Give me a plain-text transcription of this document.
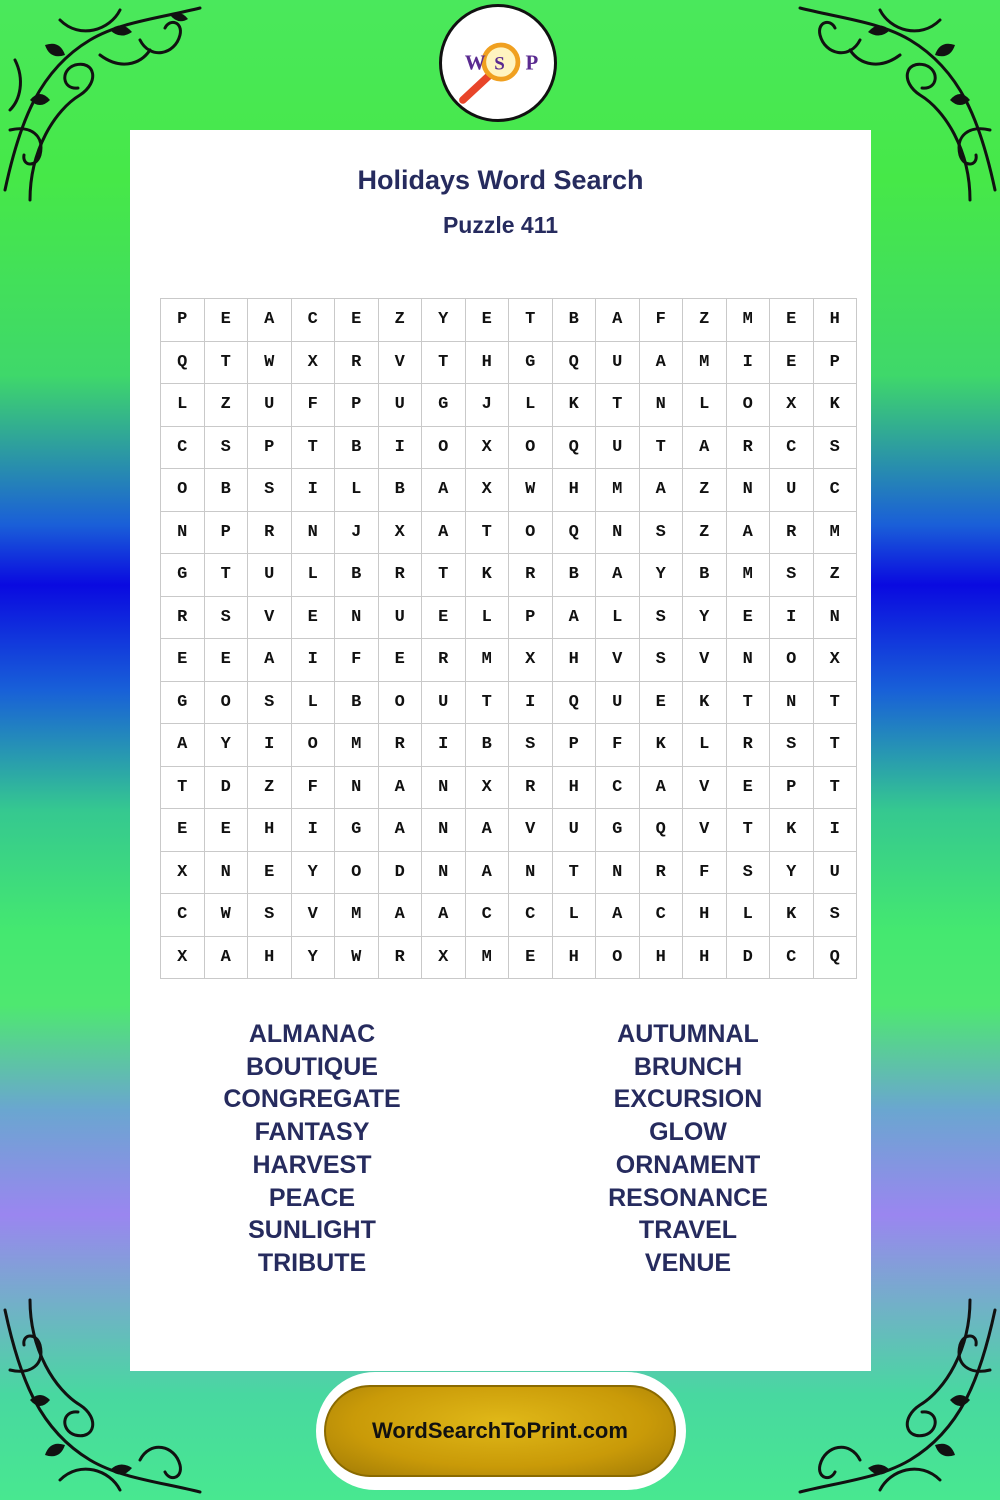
W S P
Holidays Word Search
Puzzle 411
P	E	A	C	E	Z	Y	E	T	B	A	F	Z	M	E	H
Q	T	W	X	R	V	T	H	G	Q	U	A	M	I	E	P
L	Z	U	F	P	U	G	J	L	K	T	N	L	O	X	K
C	S	P	T	B	I	O	X	O	Q	U	T	A	R	C	S
O	B	S	I	L	B	A	X	W	H	M	A	Z	N	U	C
N	P	R	N	J	X	A	T	O	Q	N	S	Z	A	R	M
G	T	U	L	B	R	T	K	R	B	A	Y	B	M	S	Z
R	S	V	E	N	U	E	L	P	A	L	S	Y	E	I	N
E	E	A	I	F	E	R	M	X	H	V	S	V	N	O	X
G	O	S	L	B	O	U	T	I	Q	U	E	K	T	N	T
A	Y	I	O	M	R	I	B	S	P	F	K	L	R	S	T
T	D	Z	F	N	A	N	X	R	H	C	A	V	E	P	T
E	E	H	I	G	A	N	A	V	U	G	Q	V	T	K	I
X	N	E	Y	O	D	N	A	N	T	N	R	F	S	Y	U
C	W	S	V	M	A	A	C	C	L	A	C	H	L	K	S
X	A	H	Y	W	R	X	M	E	H	O	H	H	D	C	Q
ALMANAC
BOUTIQUE
CONGREGATE
FANTASY
HARVEST
PEACE
SUNLIGHT
TRIBUTE
AUTUMNAL
BRUNCH
EXCURSION
GLOW
ORNAMENT
RESONANCE
TRAVEL
VENUE
WordSearchToPrint.com
